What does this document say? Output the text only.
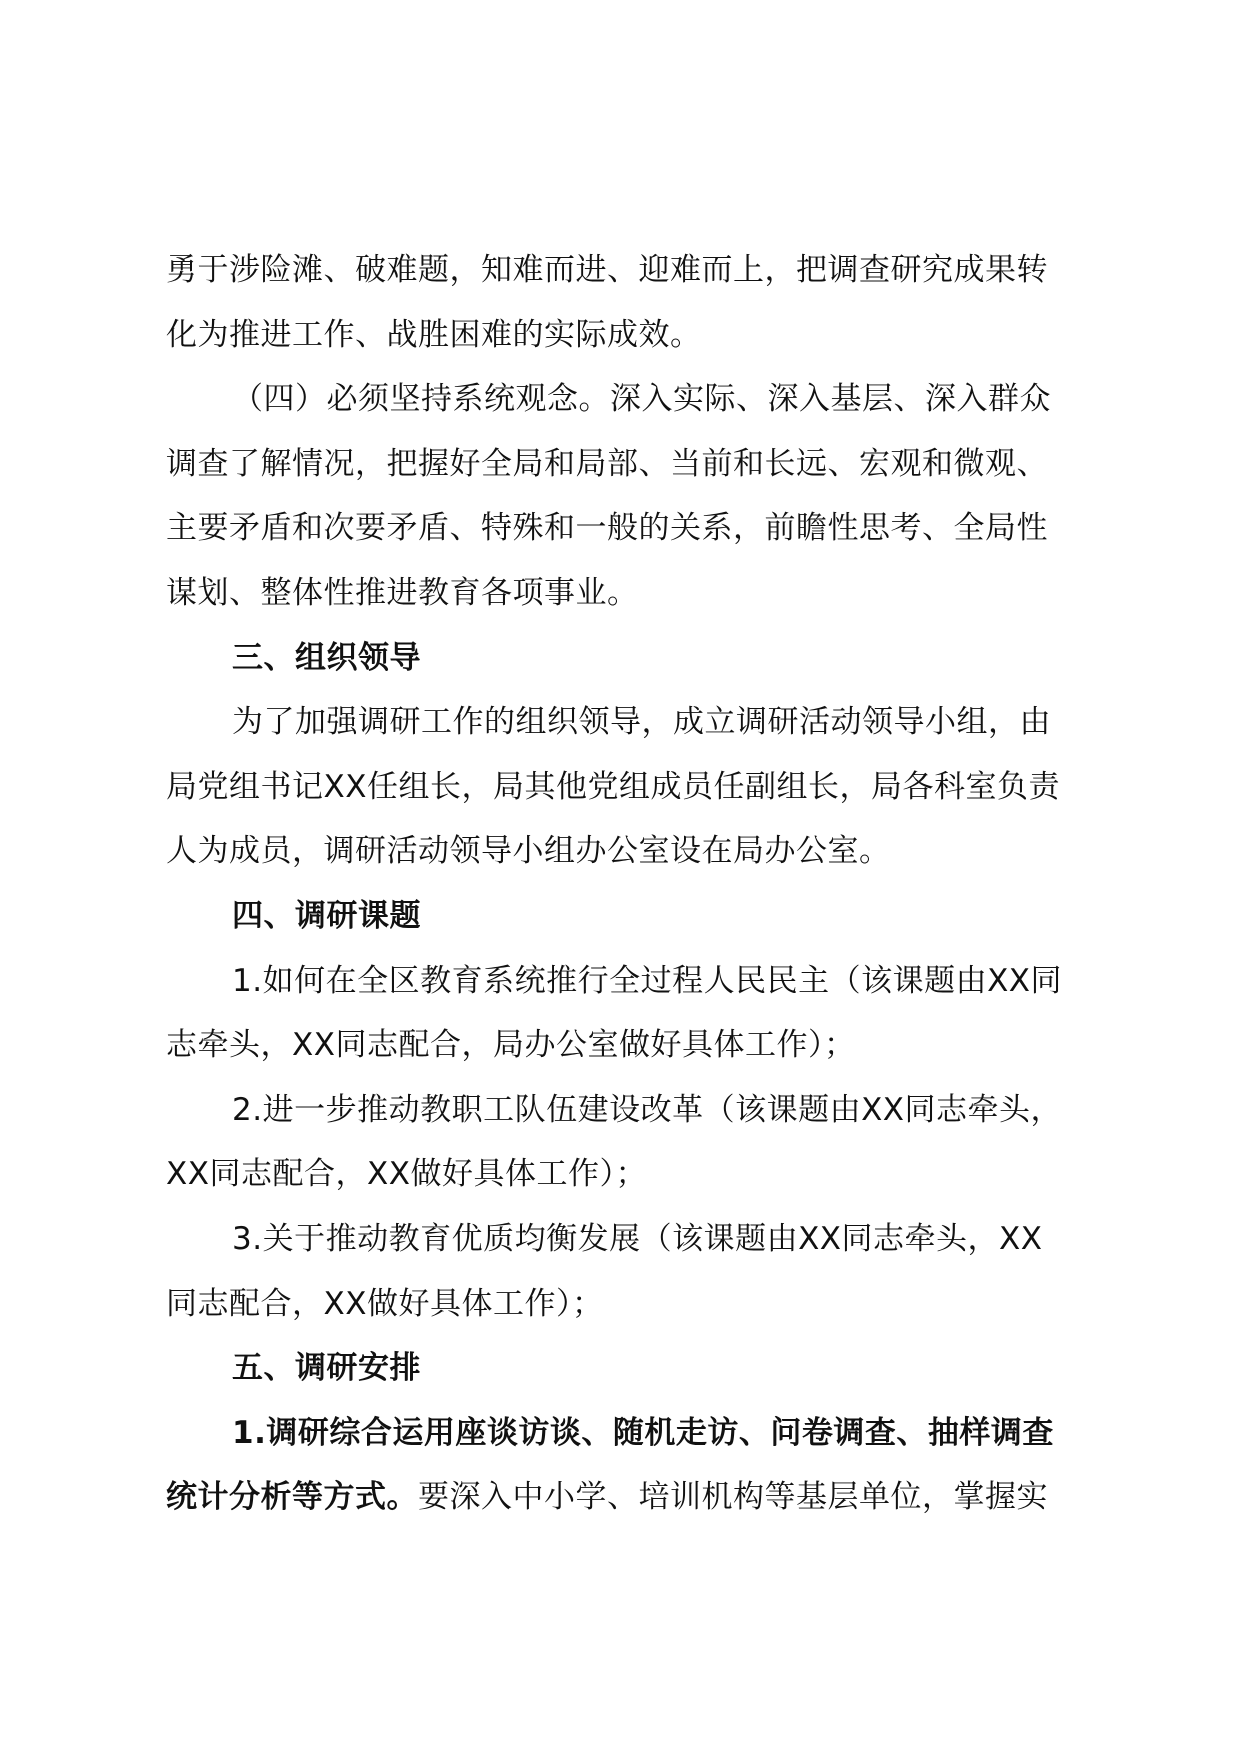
勇于涉险滩、破难题，知难而进、迎难而上，把调查研究成果转
化为推进工作、战胜困难的实际成效。
（四）必须坚持系统观念。深入实际、深入基层、深入群众
调查了解情况，把握好全局和局部、当前和长远、宏观和微观、
主要矛盾和次要矛盾、特殊和一般的关系，前瞻性思考、全局性
谋划、整体性推进教育各项事业。
三、组织领导
为了加强调研工作的组织领导，成立调研活动领导小组，由
局党组书记XX任组长，局其他党组成员任副组长，局各科室负责
人为成员，调研活动领导小组办公室设在局办公室。
四、调研课题
1.如何在全区教育系统推行全过程人民民主（该课题由XX同
志牵头，XX同志配合，局办公室做好具体工作）；
2.进一步推动教职工队伍建设改革（该课题由XX同志牵头，
XX同志配合，XX做好具体工作）；
3.关于推动教育优质均衡发展（该课题由XX同志牵头，XX
同志配合，XX做好具体工作）；
五、调研安排
1.调研综合运用座谈访谈、随机走访、问卷调查、抽样调查
统计分析等方式。要深入中小学、培训机构等基层单位，掌握实
